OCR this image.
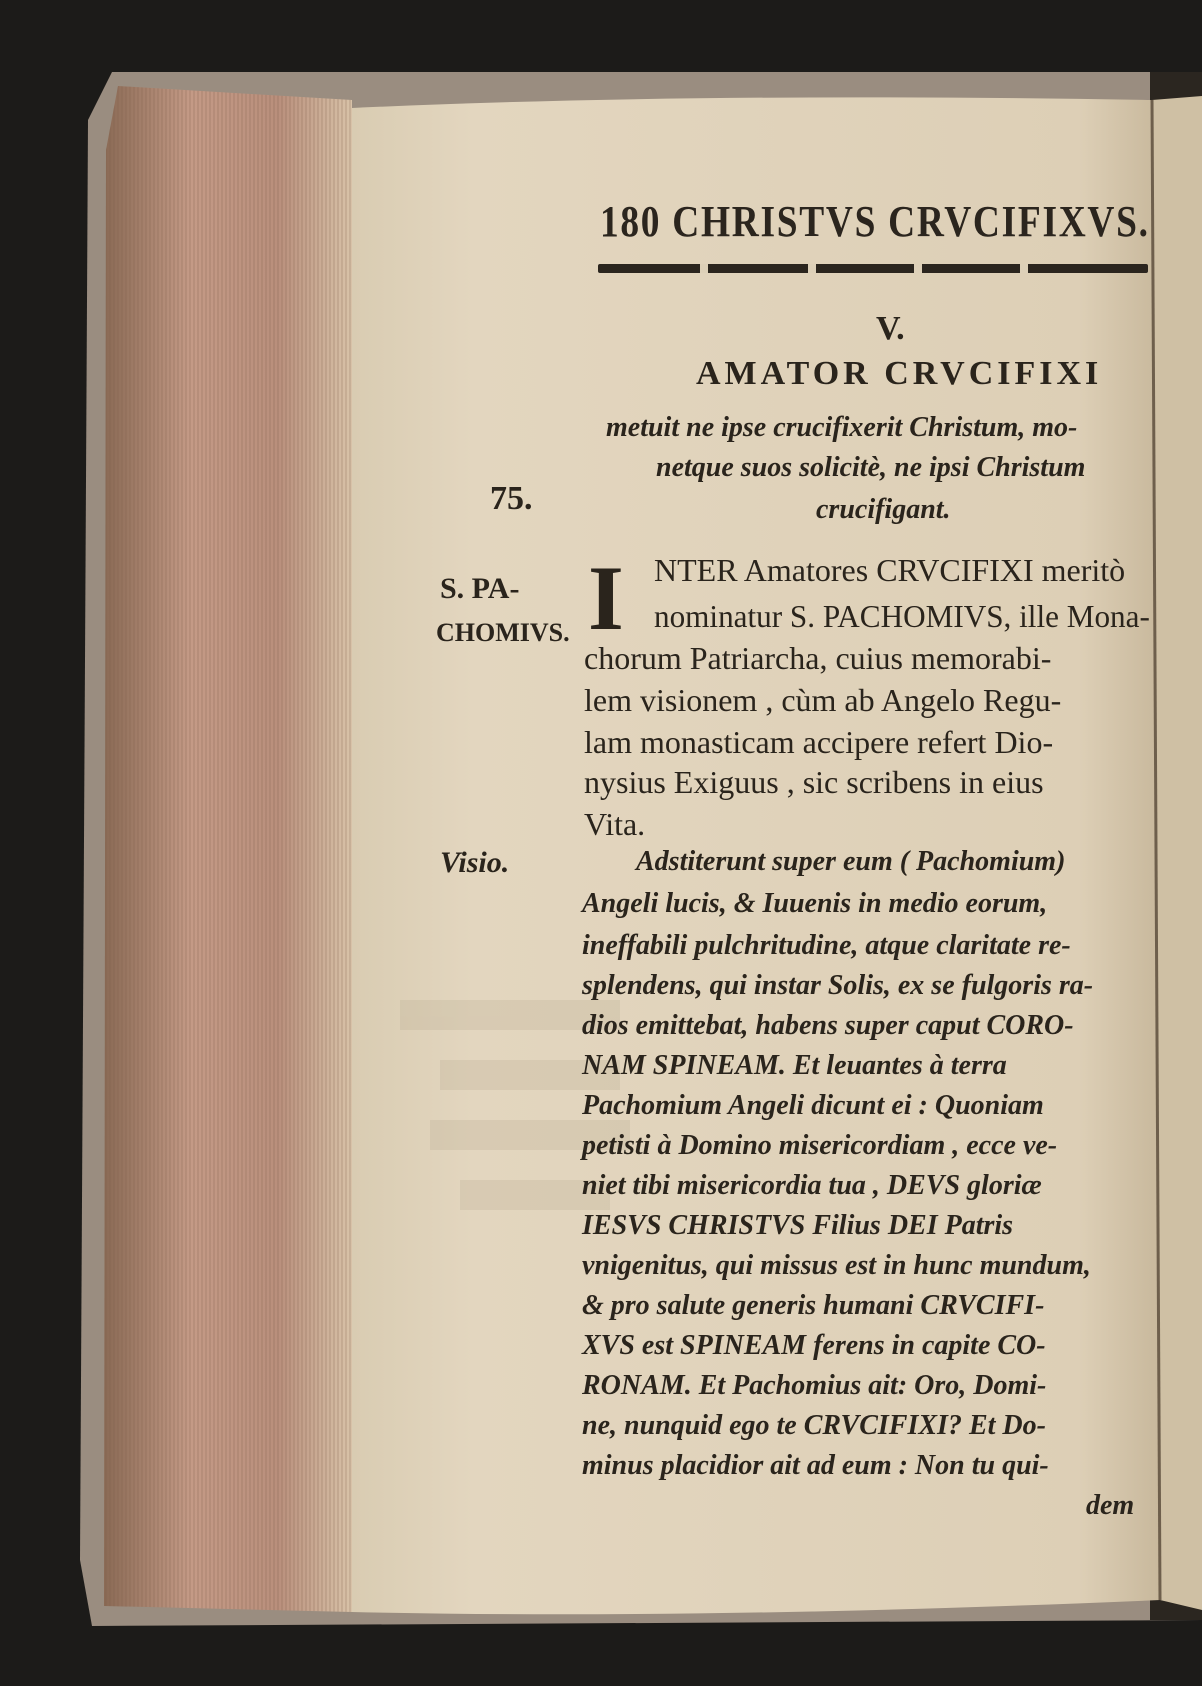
180 CHRISTVS CRVCIFIXVS.
V.
AMATOR CRVCIFIXI
metuit ne ipse crucifixerit Christum, mo-
netque suos solicitè, ne ipsi Christum
crucifigant.
75.
S. PA-
CHOMIVS.
Visio.
I NTER Amatores CRVCIFIXI meritò
nominatur S. PACHOMIVS, ille Mona-
chorum Patriarcha, cuius memorabi-
lem visionem , cùm ab Angelo Regu-
lam monasticam accipere refert Dio-
nysius Exiguus , sic scribens in eius
Vita.
Adstiterunt super eum ( Pachomium)
Angeli lucis, & Iuuenis in medio eorum,
ineffabili pulchritudine, atque claritate re-
splendens, qui instar Solis, ex se fulgoris ra-
dios emittebat, habens super caput CORO-
NAM SPINEAM. Et leuantes à terra
Pachomium Angeli dicunt ei : Quoniam
petisti à Domino misericordiam , ecce ve-
niet tibi misericordia tua , DEVS gloriæ
IESVS CHRISTVS Filius DEI Patris
vnigenitus, qui missus est in hunc mundum,
& pro salute generis humani CRVCIFI-
XVS est SPINEAM ferens in capite CO-
RONAM. Et Pachomius ait: Oro, Domi-
ne, nunquid ego te CRVCIFIXI? Et Do-
minus placidior ait ad eum : Non tu qui-
dem
